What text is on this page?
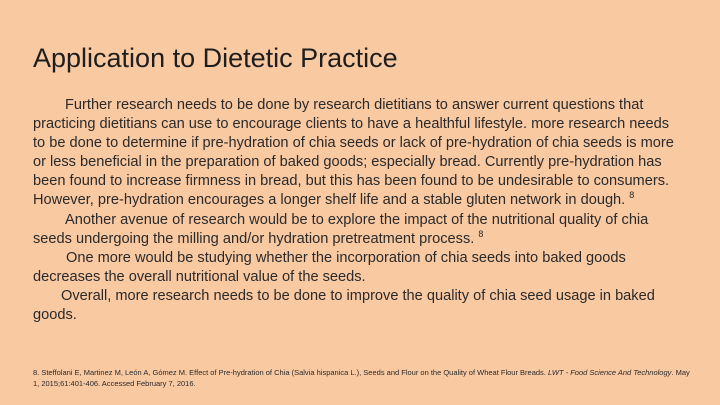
Application to Dietetic Practice

Further research needs to be done by research dietitians to answer current questions that practicing dietitians can use to encourage clients to have a healthful lifestyle. more research needs to be done to determine if pre-hydration of chia seeds or lack of pre-hydration of chia seeds is more or less beneficial in the preparation of baked goods; especially bread. Currently pre-hydration has been found to increase firmness in bread, but this has been found to be undesirable to consumers. However, pre-hydration encourages a longer shelf life and a stable gluten network in dough. $^8$

Another avenue of research would be to explore the impact of the nutritional quality of chia seeds undergoing the milling and/or hydration pretreatment process. $^8$

One more would be studying whether the incorporation of chia seeds into baked goods decreases the overall nutritional value of the seeds.

Overall, more research needs to be done to improve the quality of chia seed usage in baked goods.

8. Steffolani E, Martinez M, León A, Gómez M. Effect of Pre-hydration of Chia (Salvia hispanica L.), Seeds and Flour on the Quality of Wheat Flour Breads. LWT - Food Science And Technology. May 1, 2015;61:401-406. Accessed February 7, 2016.
